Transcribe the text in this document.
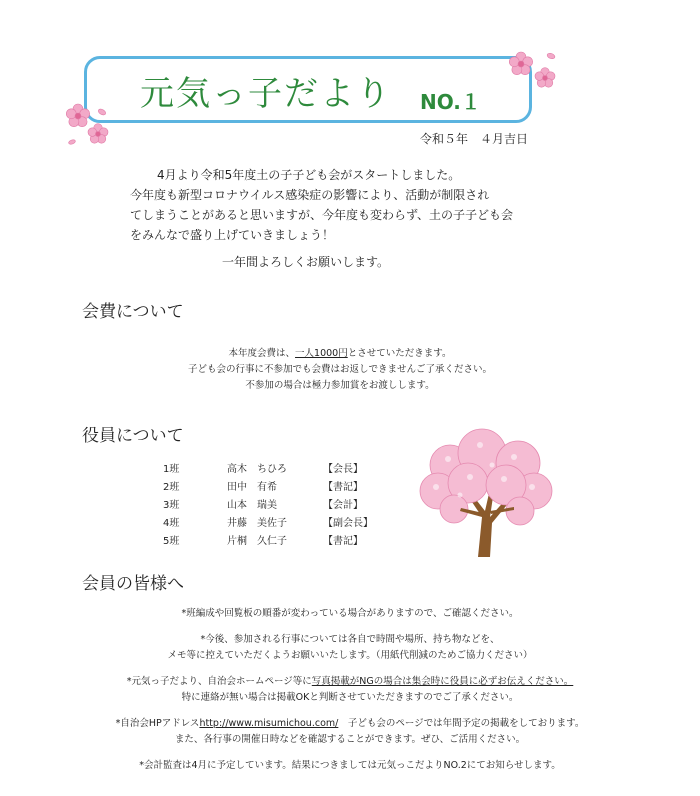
元気っ子だより NO.１
令和５年　４月吉日
4月より令和5年度土の子子ども会がスタートしました。
今年度も新型コロナウイルス感染症の影響により、活動が制限され
てしまうことがあると思いますが、今年度も変わらず、土の子子ども会
をみんなで盛り上げていきましょう！
一年間よろしくお願いします。
会費について
本年度会費は、一人1000円とさせていただきます。
子ども会の行事に不参加でも会費はお返しできませんご了承ください。
不参加の場合は極力参加賞をお渡しします。
役員について
1班	高木　ちひろ	【会長】
2班	田中　有希	【書記】
3班	山本　瑞美	【会計】
4班	井藤　美佐子	【副会長】
5班	片桐　久仁子	【書記】
会員の皆様へ
*班編成や回覧板の順番が変わっている場合がありますので、ご確認ください。
*今後、参加される行事については各自で時間や場所、持ち物などを、
メモ等に控えていただくようお願いいたします。（用紙代削減のためご協力ください）
*元気っ子だより、自治会ホームページ等に写真掲載がNGの場合は集会時に役員に必ずお伝えください。
特に連絡が無い場合は掲載OKと判断させていただきますのでご了承ください。
*自治会HPアドレスhttp://www.misumichou.com/　子ども会のページでは年間予定の掲載をしております。
また、各行事の開催日時などを確認することができます。ぜひ、ご活用ください。
*会計監査は4月に予定しています。結果につきましては元気っこだよりNO.2にてお知らせします。
